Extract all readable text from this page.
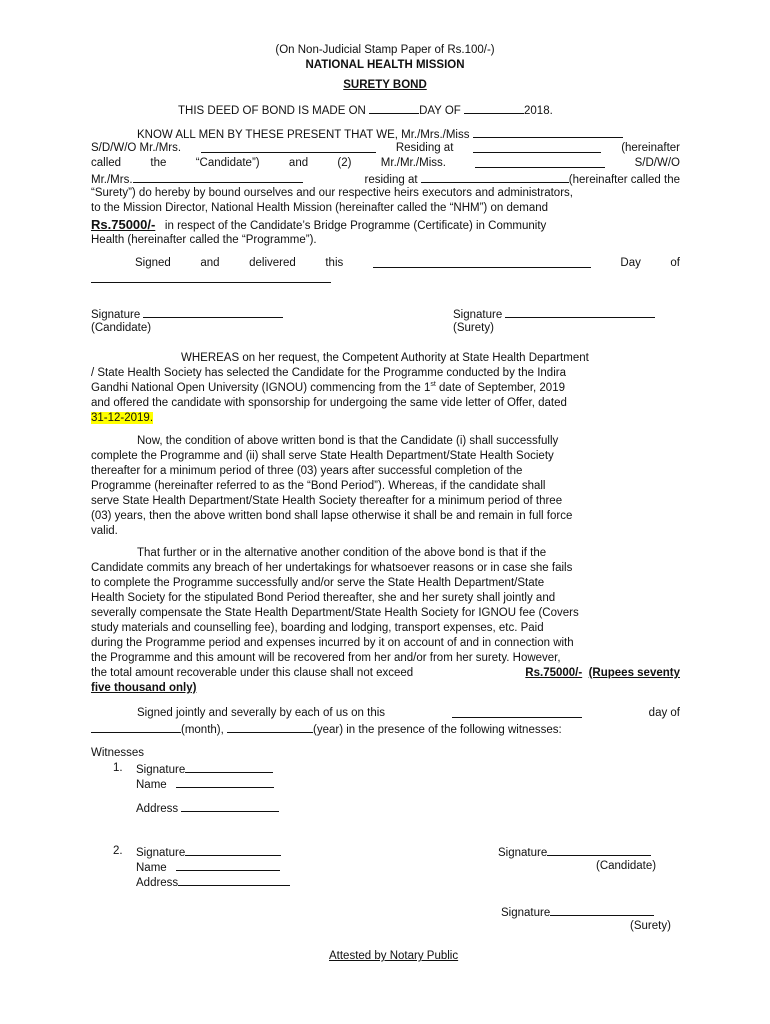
(On Non-Judicial Stamp Paper of Rs.100/-)
NATIONAL HEALTH MISSION
SURETY BOND
THIS DEED OF BOND IS MADE ON	DAY OF	2018.
KNOW ALL MEN BY THESE PRESENT THAT WE, Mr./Mrs./Miss
S/D/W/O Mr./Mrs.	Residing at	(hereinafter
called	the	“Candidate”)	and	(2)	Mr./Mr./Miss.	S/D/W/O
Mr./Mrs.	residing at	(hereinafter called the
“Surety”) do hereby by bound ourselves and our respective heirs executors and administrators,
to the Mission Director, National Health Mission (hereinafter called the “NHM”) on demand
Rs.75000/- in respect of the Candidate’s Bridge Programme (Certificate) in Community
Health (hereinafter called the “Programme”).
Signed	and	delivered	this	Day	of
Signature
(Candidate)
Signature
(Surety)
WHEREAS on her request, the Competent Authority at State Health Department
/ State Health Society has selected the Candidate for the Programme conducted by the Indira
Gandhi National Open University (IGNOU) commencing from the 1st date of September, 2019
and offered the candidate with sponsorship for undergoing the same vide letter of Offer, dated
31-12-2019.
Now, the condition of above written bond is that the Candidate (i) shall successfully
complete the Programme and (ii) shall serve State Health Department/State Health Society
thereafter for a minimum period of three (03) years after successful completion of the
Programme (hereinafter referred to as the “Bond Period”). Whereas, if the candidate shall
serve State Health Department/State Health Society thereafter for a minimum period of three
(03) years, then the above written bond shall lapse otherwise it shall be and remain in full force
valid.
That further or in the alternative another condition of the above bond is that if the
Candidate commits any breach of her undertakings for whatsoever reasons or in case she fails
to complete the Programme successfully and/or serve the State Health Department/State
Health Society for the stipulated Bond Period thereafter, she and her surety shall jointly and
severally compensate the State Health Department/State Health Society for IGNOU fee (Covers
study materials and counselling fee), boarding and lodging, transport expenses, etc. Paid
during the Programme period and expenses incurred by it on account of and in connection with
the Programme and this amount will be recovered from her and/or from her surety. However,
the total amount recoverable under this clause shall not exceed	Rs.75000/- (Rupees seventy
five thousand only)
Signed jointly and severally by each of us on this	day of
(month),	(year) in the presence of the following witnesses:
Witnesses
1. Signature
Name
Address
2. Signature
Name
Address
Signature
(Candidate)
Signature
(Surety)
Attested by Notary Public
